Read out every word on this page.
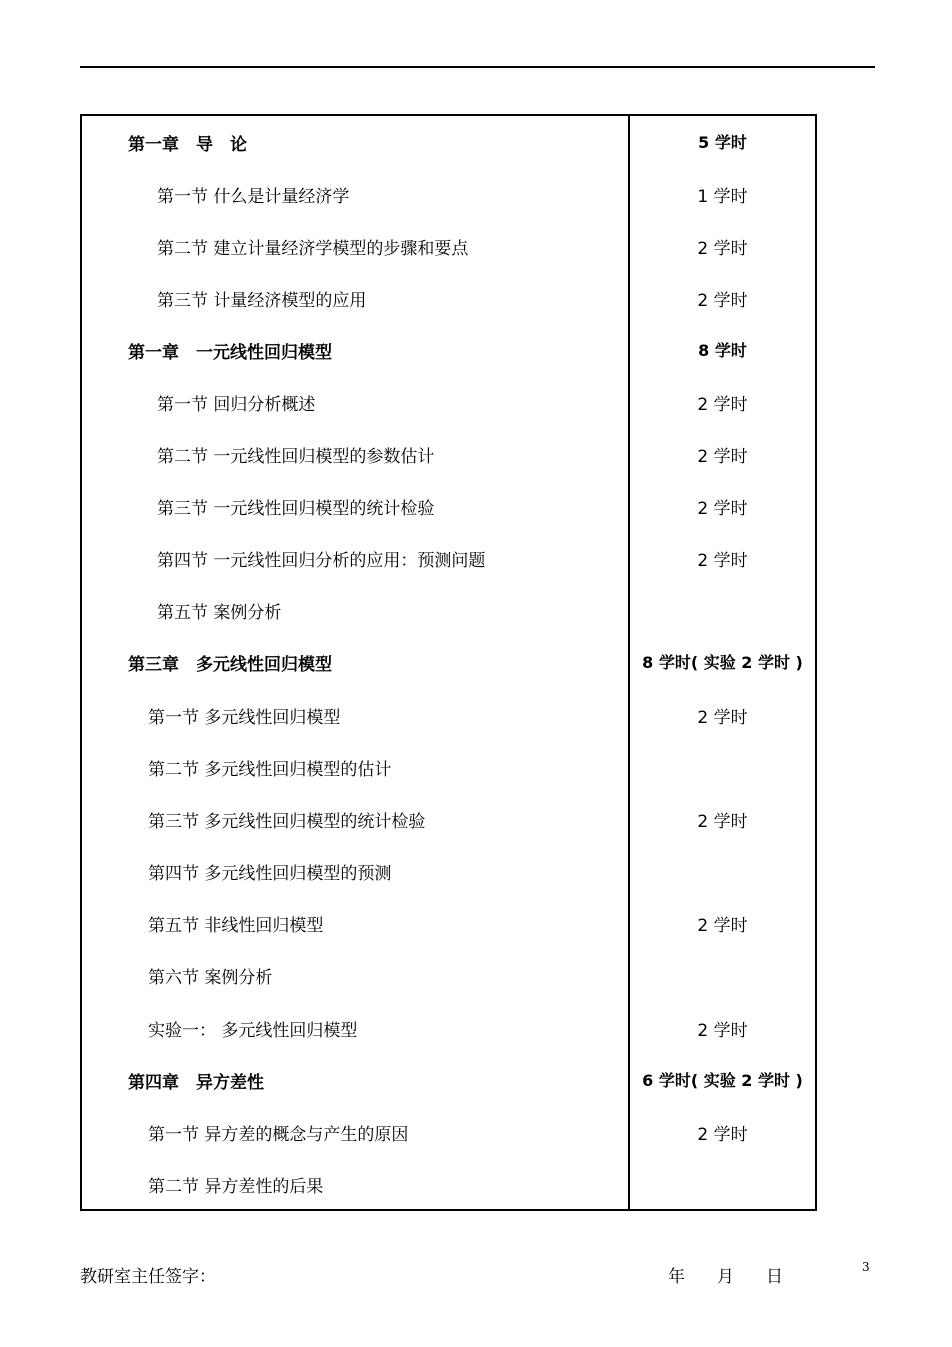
第一章　导　论	5 学时
第一节 什么是计量经济学	1 学时
第二节 建立计量经济学模型的步骤和要点	2 学时
第三节 计量经济模型的应用	2 学时
第一章　一元线性回归模型	8 学时
第一节 回归分析概述	2 学时
第二节 一元线性回归模型的参数估计	2 学时
第三节 一元线性回归模型的统计检验	2 学时
第四节 一元线性回归分析的应用：预测问题	2 学时
第五节 案例分析
第三章　多元线性回归模型	8 学时( 实验 2 学时 )
第一节 多元线性回归模型	2 学时
第二节 多元线性回归模型的估计
第三节 多元线性回归模型的统计检验	2 学时
第四节 多元线性回归模型的预测
第五节 非线性回归模型	2 学时
第六节 案例分析
实验一： 多元线性回归模型	2 学时
第四章　异方差性	6 学时( 实验 2 学时 )
第一节 异方差的概念与产生的原因	2 学时
第二节 异方差性的后果
教研室主任签字：	年 月 日	3
